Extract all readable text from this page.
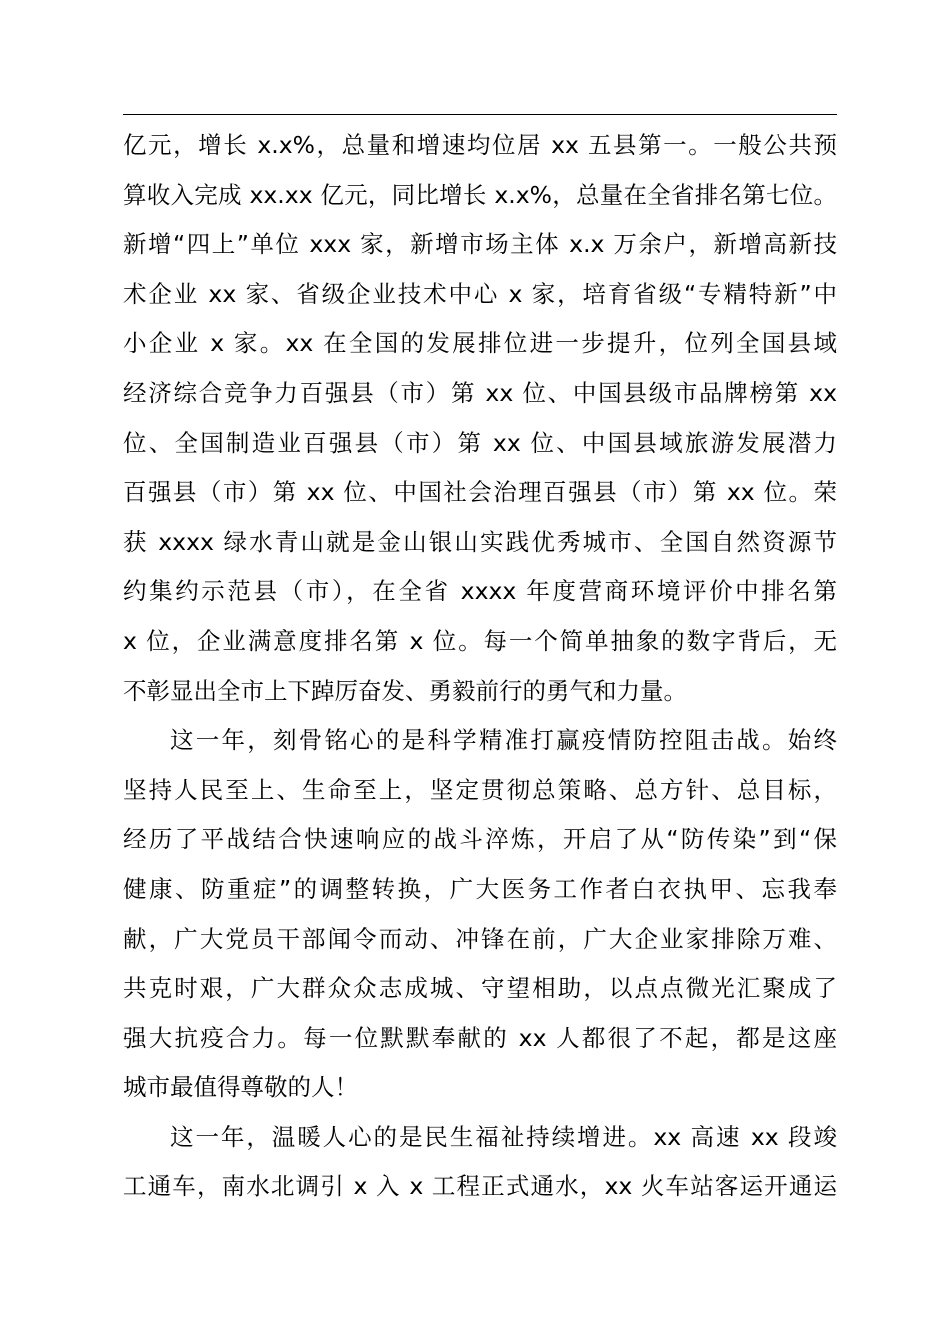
亿元，增长 x.x%，总量和增速均位居 xx 五县第一。一般公共预
算收入完成 xx.xx 亿元，同比增长 x.x%，总量在全省排名第七位。
新增“四上”单位 xxx 家，新增市场主体 x.x 万余户，新增高新技
术企业 xx 家、省级企业技术中心 x 家，培育省级“专精特新”中
小企业 x 家。xx 在全国的发展排位进一步提升，位列全国县域
经济综合竞争力百强县（市）第 xx 位、中国县级市品牌榜第 xx
位、全国制造业百强县（市）第 xx 位、中国县域旅游发展潜力
百强县（市）第 xx 位、中国社会治理百强县（市）第 xx 位。荣
获 xxxx 绿水青山就是金山银山实践优秀城市、全国自然资源节
约集约示范县（市），在全省 xxxx 年度营商环境评价中排名第
x 位，企业满意度排名第 x 位。每一个简单抽象的数字背后，无
不彰显出全市上下踔厉奋发、勇毅前行的勇气和力量。
这一年，刻骨铭心的是科学精准打赢疫情防控阻击战。始终
坚持人民至上、生命至上，坚定贯彻总策略、总方针、总目标，
经历了平战结合快速响应的战斗淬炼，开启了从“防传染”到“保
健康、防重症”的调整转换，广大医务工作者白衣执甲、忘我奉
献，广大党员干部闻令而动、冲锋在前，广大企业家排除万难、
共克时艰，广大群众众志成城、守望相助，以点点微光汇聚成了
强大抗疫合力。每一位默默奉献的 xx 人都很了不起，都是这座
城市最值得尊敬的人！
这一年，温暖人心的是民生福祉持续增进。xx 高速 xx 段竣
工通车，南水北调引 x 入 x 工程正式通水，xx 火车站客运开通运
